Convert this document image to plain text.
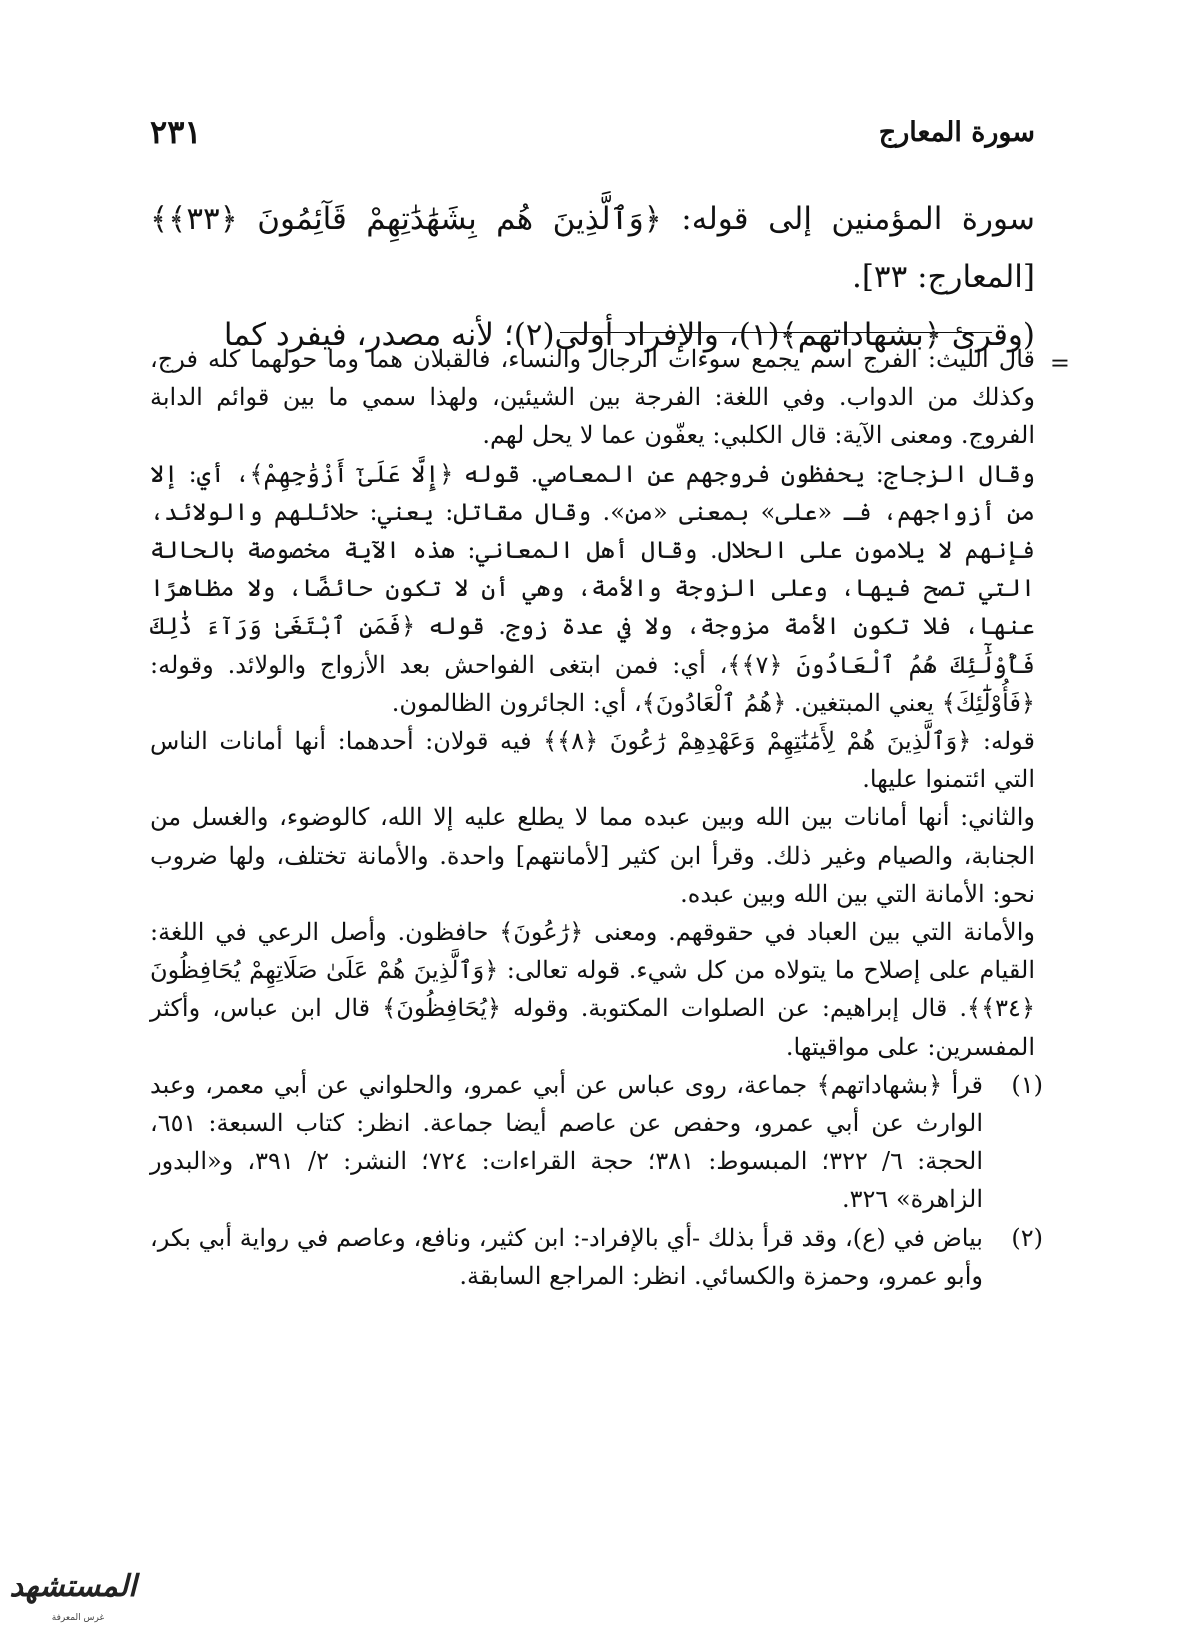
سورة المعارج
٢٣١

سورة المؤمنين إلى قوله: ﴿وَٱلَّذِينَ هُم بِشَهَٰدَٰتِهِمْ قَآئِمُونَ ﴿٣٣﴾﴾ [المعارج: ٣٣].

(وقرئ ﴿بشهاداتهم﴾(١)، والإفراد أولى(٢)؛ لأنه مصدر، فيفرد كما

=

قال الليث: الفرج اسم يجمع سوءات الرجال والنساء، فالقبلان هما وما حولهما كله فرج، وكذلك من الدواب. وفي اللغة: الفرجة بين الشيئين، ولهذا سمي ما بين قوائم الدابة الفروج. ومعنى الآية: قال الكلبي: يعفّون عما لا يحل لهم.

وقال الزجاج: يحفظون فروجهم عن المعاصي. قوله ﴿إِلَّا عَلَىٰٓ أَزْوَٰجِهِمْ﴾، أي: إلا من أزواجهم، فـ «على» بمعنى «من». وقال مقاتل: يعني: حلائلهم والولائد، فإنهم لا يلامون على الحلال. وقال أهل المعاني: هذه الآية مخصوصة بالحالة التي تصح فيها، وعلى الزوجة والأمة، وهي أن لا تكون حائضًا، ولا مظاهرًا عنها، فلا تكون الأمة مزوجة، ولا في عدة زوج. قوله ﴿فَمَنِ ٱبْتَغَىٰ وَرَآءَ ذَٰلِكَ فَأُوْلَٰٓئِكَ هُمُ ٱلْعَادُونَ ﴿٧﴾﴾، أي: فمن ابتغى الفواحش بعد الأزواج والولائد. وقوله: ﴿فَأُوْلَٰٓئِكَ﴾ يعني المبتغين. ﴿هُمُ ٱلْعَادُونَ﴾، أي: الجائرون الظالمون.

قوله: ﴿وَٱلَّذِينَ هُمْ لِأَمَٰنَٰتِهِمْ وَعَهْدِهِمْ رَٰعُونَ ﴿٨﴾﴾ فيه قولان: أحدهما: أنها أمانات الناس التي ائتمنوا عليها.

والثاني: أنها أمانات بين الله وبين عبده مما لا يطلع عليه إلا الله، كالوضوء، والغسل من الجنابة، والصيام وغير ذلك. وقرأ ابن كثير [لأمانتهم] واحدة. والأمانة تختلف، ولها ضروب نحو: الأمانة التي بين الله وبين عبده.

والأمانة التي بين العباد في حقوقهم. ومعنى ﴿رَٰعُونَ﴾ حافظون. وأصل الرعي في اللغة: القيام على إصلاح ما يتولاه من كل شيء. قوله تعالى: ﴿وَٱلَّذِينَ هُمْ عَلَىٰ صَلَاتِهِمْ يُحَافِظُونَ ﴿٣٤﴾﴾. قال إبراهيم: عن الصلوات المكتوبة. وقوله ﴿يُحَافِظُونَ﴾ قال ابن عباس، وأكثر المفسرين: على مواقيتها.

(١)
قرأ ﴿بشهاداتهم﴾ جماعة، روى عباس عن أبي عمرو، والحلواني عن أبي معمر، وعبد الوارث عن أبي عمرو، وحفص عن عاصم أيضا جماعة. انظر: كتاب السبعة: ٦٥١، الحجة: ٦/ ٣٢٢؛ المبسوط: ٣٨١؛ حجة القراءات: ٧٢٤؛ النشر: ٢/ ٣٩١، و«البدور الزاهرة» ٣٢٦.
(٢)
بياض في (ع)، وقد قرأ بذلك -أي بالإفراد-: ابن كثير، ونافع، وعاصم في رواية أبي بكر، وأبو عمرو، وحمزة والكسائي. انظر: المراجع السابقة.
المستشهد
غرس المعرفة
